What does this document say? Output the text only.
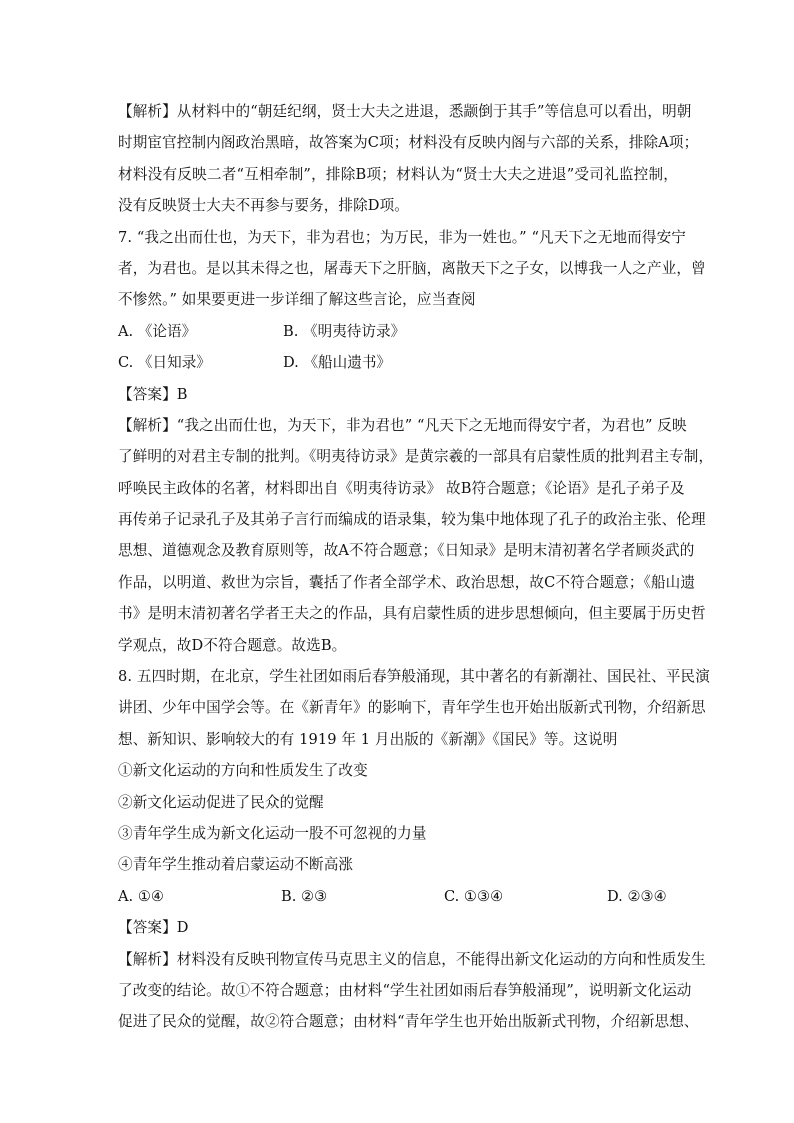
【解析】从材料中的“朝廷纪纲，贤士大夫之进退，悉颛倒于其手”等信息可以看出，明朝
时期宦官控制内阁政治黑暗，故答案为C项；材料没有反映内阁与六部的关系，排除A项；
材料没有反映二者“互相牵制”，排除B项；材料认为“贤士大夫之进退”受司礼监控制，
没有反映贤士大夫不再参与要务，排除D项。
7. “我之出而仕也，为天下，非为君也；为万民，非为一姓也。” “凡天下之无地而得安宁
者，为君也。是以其未得之也，屠毒天下之肝脑，离散天下之子女，以博我一人之产业，曾
不惨然。” 如果要更进一步详细了解这些言论，应当查阅
A. 《论语》	B. 《明夷待访录》
C. 《日知录》	D. 《船山遗书》
【答案】B
【解析】“我之出而仕也，为天下，非为君也” “凡天下之无地而得安宁者，为君也” 反映
了鲜明的对君主专制的批判。《明夷待访录》是黄宗羲的一部具有启蒙性质的批判君主专制，
呼唤民主政体的名著，材料即出自《明夷待访录》 故B符合题意；《论语》是孔子弟子及
再传弟子记录孔子及其弟子言行而编成的语录集，较为集中地体现了孔子的政治主张、伦理
思想、道德观念及教育原则等，故A不符合题意；《日知录》是明末清初著名学者顾炎武的
作品，以明道、救世为宗旨，囊括了作者全部学术、政治思想，故C不符合题意；《船山遗
书》是明末清初著名学者王夫之的作品，具有启蒙性质的进步思想倾向，但主要属于历史哲
学观点，故D不符合题意。故选B。
8. 五四时期，在北京，学生社团如雨后春笋般涌现，其中著名的有新潮社、国民社、平民演
讲团、少年中国学会等。在《新青年》的影响下，青年学生也开始出版新式刊物，介绍新思
想、新知识、影响较大的有 1919 年 1 月出版的《新潮》《国民》等。这说明
①新文化运动的方向和性质发生了改变
②新文化运动促进了民众的觉醒
③青年学生成为新文化运动一股不可忽视的力量
④青年学生推动着启蒙运动不断高涨
A. ①④	B. ②③	C. ①③④	D. ②③④
【答案】D
【解析】材料没有反映刊物宣传马克思主义的信息，不能得出新文化运动的方向和性质发生
了改变的结论。故①不符合题意；由材料“学生社团如雨后春笋般涌现”，说明新文化运动
促进了民众的觉醒，故②符合题意；由材料“青年学生也开始出版新式刊物，介绍新思想、
